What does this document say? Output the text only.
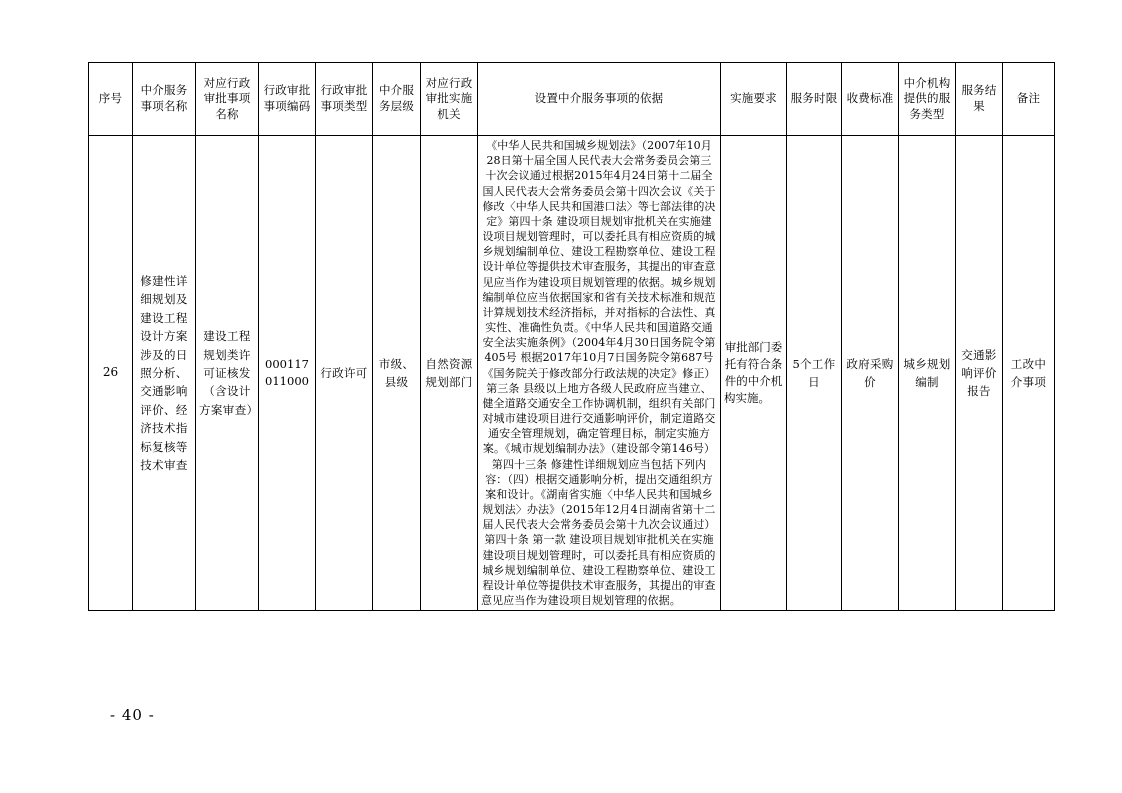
序号	中介服务事项名称	对应行政审批事项名称	行政审批事项编码	行政审批事项类型	中介服务层级	对应行政审批实施机关	设置中介服务事项的依据	实施要求	服务时限	收费标准	中介机构提供的服务类型	服务结果	备注
26	修建性详细规划及建设工程设计方案涉及的日照分析、交通影响评价、经济技术指标复核等技术审查	建设工程规划类许可证核发（含设计方案审查）	000117011000	行政许可	市级、县级	自然资源规划部门	《中华人民共和国城乡规划法》（2007年10月28日第十届全国人民代表大会常务委员会第三十次会议通过根据2015年4月24日第十二届全国人民代表大会常务委员会第十四次会议《关于修改〈中华人民共和国港口法〉等七部法律的决定》第四十条 建设项目规划审批机关在实施建设项目规划管理时，可以委托具有相应资质的城乡规划编制单位、建设工程勘察单位、建设工程设计单位等提供技术审查服务，其提出的审查意见应当作为建设项目规划管理的依据。城乡规划编制单位应当依据国家和省有关技术标准和规范计算规划技术经济指标，并对指标的合法性、真实性、准确性负责。《中华人民共和国道路交通安全法实施条例》（2004年4月30日国务院令第405号 根据2017年10月7日国务院令第687号《国务院关于修改部分行政法规的决定》修正）第三条 县级以上地方各级人民政府应当建立、健全道路交通安全工作协调机制，组织有关部门对城市建设项目进行交通影响评价，制定道路交通安全管理规划，确定管理目标，制定实施方案。《城市规划编制办法》（建设部令第146号）第四十三条 修建性详细规划应当包括下列内容：（四）根据交通影响分析，提出交通组织方案和设计。《湖南省实施〈中华人民共和国城乡规划法〉办法》（2015年12月4日湖南省第十二届人民代表大会常务委员会第十九次会议通过）第四十条 第一款 建设项目规划审批机关在实施建设项目规划管理时，可以委托具有相应资质的城乡规划编制单位、建设工程勘察单位、建设工程设计单位等提供技术审查服务，其提出的审查意见应当作为建设项目规划管理的依据。	审批部门委托有符合条件的中介机构实施。	5个工作日	政府采购价	城乡规划编制	交通影响评价报告	工改中介事项
- 40 -
